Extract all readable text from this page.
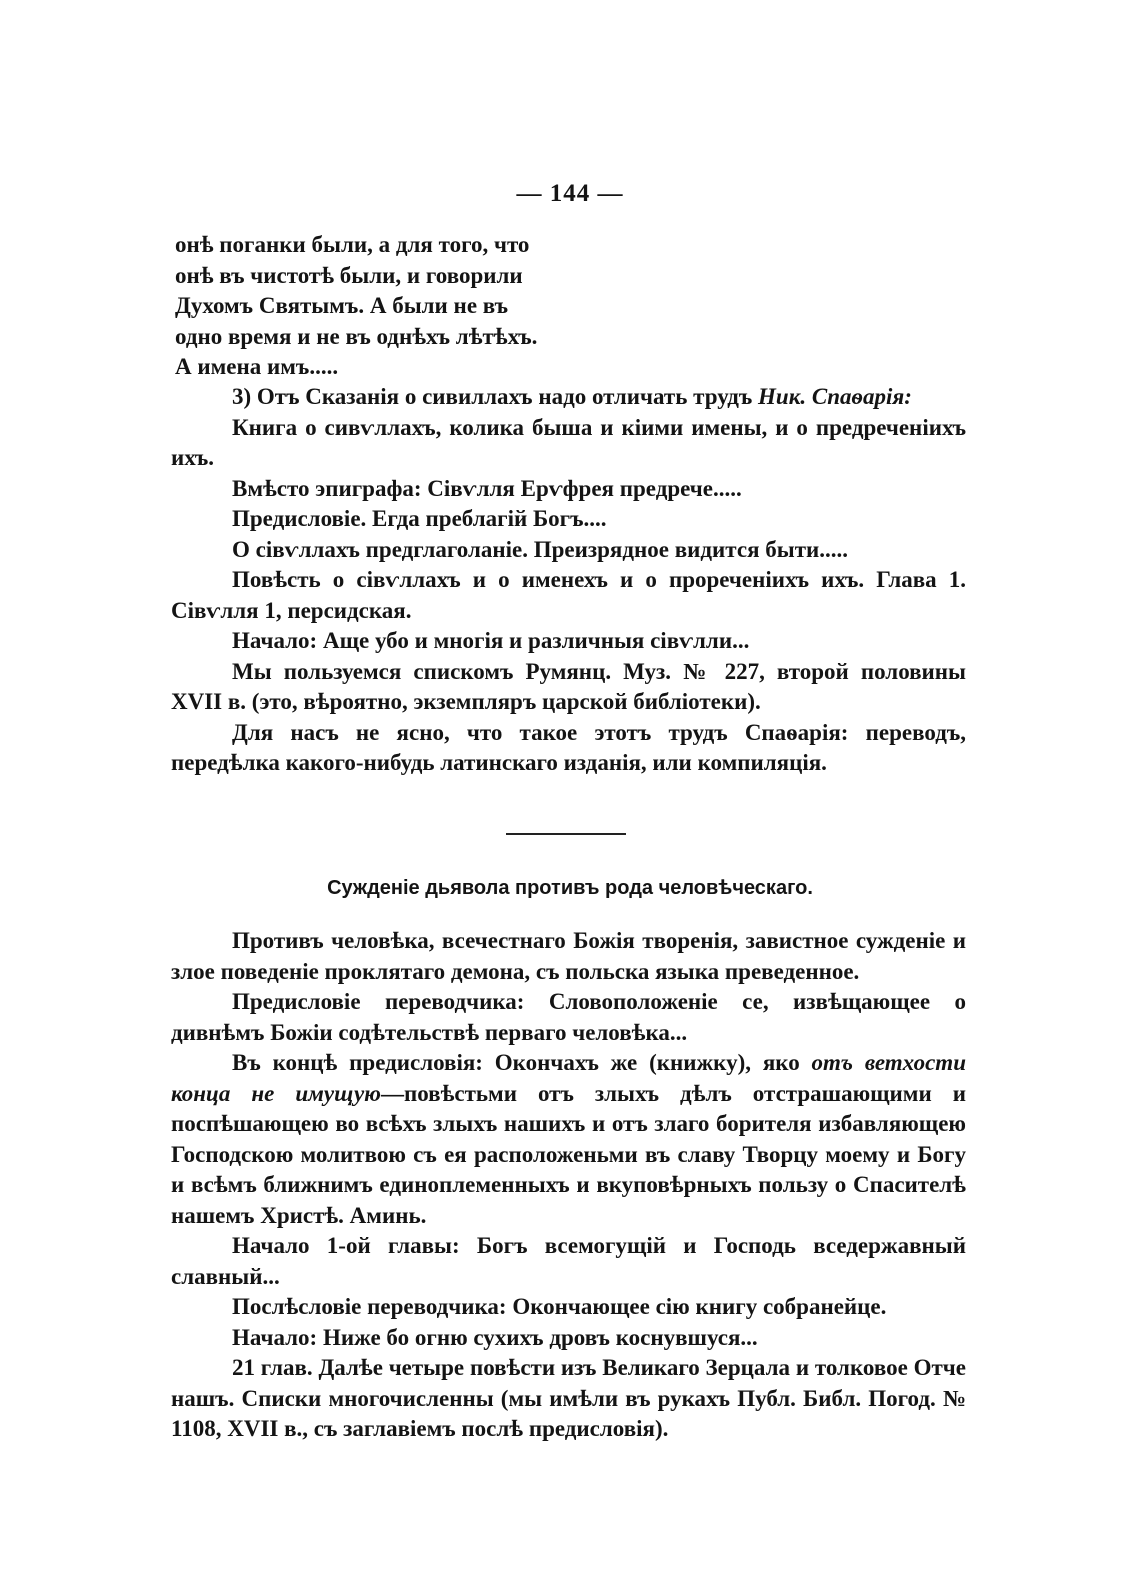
— 144 —

онѣ поганки были, а для того, что

онѣ въ чистотѣ были, и говорили

Духомъ Святымъ. А были не въ

одно время и не въ однѣхъ лѣтѣхъ.

А имена имъ.....

3) Отъ Сказанія о сивиллахъ надо отличать трудъ Ник. Спаѳарія:

Книга о сивѵллахъ, колика быша и кіими имены, и о предреченіихъ ихъ.

Вмѣсто эпиграфа: Сівѵлля Ерѵфрея предрече.....

Предисловіе. Егда преблагій Богъ....

О сівѵллахъ предглаголаніе. Преизрядное видится быти.....

Повѣсть о сівѵллахъ и о именехъ и о прореченіихъ ихъ. Глава 1. Сівѵлля 1, персидская.

Начало: Аще убо и многія и различныя сівѵлли...

Мы пользуемся спискомъ Румянц. Муз. № 227, второй половины XVII в. (это, вѣроятно, экземпляръ царской библіотеки).

Для насъ не ясно, что такое этотъ трудъ Спаѳарія: переводъ, передѣлка какого-нибудь латинскаго изданія, или компиляція.

Сужденіе дьявола противъ рода человѣческаго.

Противъ человѣка, всечестнаго Божія творенія, завистное сужденіе и злое поведеніе проклятаго демона, съ польска языка преведенное.

Предисловіе переводчика: Словоположеніе се, извѣщающее о дивнѣмъ Божіи содѣтельствѣ перваго человѣка...

Въ концѣ предисловія: Окончахъ же (книжку), яко отъ ветхости конца не имущую—повѣстьми отъ злыхъ дѣлъ отстрашающими и поспѣшающею во всѣхъ злыхъ нашихъ и отъ злаго борителя избавляющею Господскою молитвою съ ея расположеньми въ славу Творцу моему и Богу и всѣмъ ближнимъ единоплеменныхъ и вкуповѣрныхъ пользу о Спасителѣ нашемъ Христѣ. Аминь.

Начало 1-ой главы: Богъ всемогущій и Господь вседержавный славный...

Послѣсловіе переводчика: Окончающее сію книгу собранейце.

Начало: Ниже бо огню сухихъ дровъ коснувшуся...

21 глав. Далѣе четыре повѣсти изъ Великаго Зерцала и толковое Отче нашъ. Списки многочисленны (мы имѣли въ рукахъ Публ. Библ. Погод. № 1108, XVII в., съ заглавіемъ послѣ предисловія).
